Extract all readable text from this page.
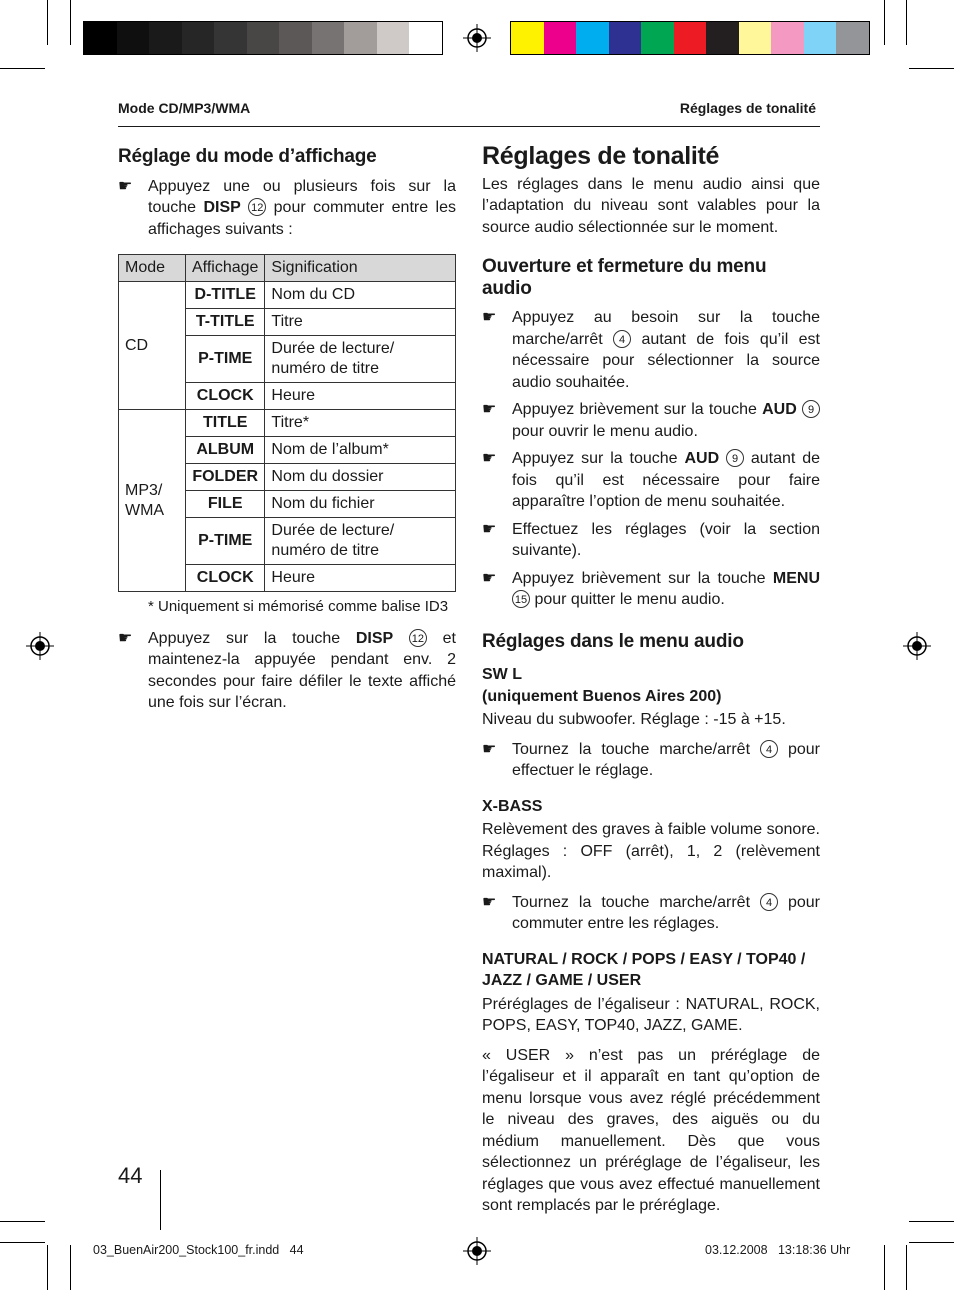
Mode CD/MP3/WMA	Réglages de tonalité
Réglage du mode d’affichage
☛ Appuyez une ou plusieurs fois sur la touche DISP 12 pour commuter entre les affichages suivants :
Mode	Affichage	Signification
CD	D-TITLE	Nom du CD
	T-TITLE	Titre
	P-TIME	Durée de lecture/ numéro de titre
	CLOCK	Heure
MP3/ WMA	TITLE	Titre*
	ALBUM	Nom de l’album*
	FOLDER	Nom du dossier
	FILE	Nom du fichier
	P-TIME	Durée de lecture/ numéro de titre
	CLOCK	Heure
* Uniquement si mémorisé comme balise ID3
☛ Appuyez sur la touche DISP 12 et maintenez-la appuyée pendant env. 2 secondes pour faire défiler le texte affiché une fois sur l’écran.
Réglages de tonalité

Les réglages dans le menu audio ainsi que l’adaptation du niveau sont valables pour la source audio sélectionnée sur le moment.

Ouverture et fermeture du menu audio
☛ Appuyez au besoin sur la touche marche/arrêt 4 autant de fois qu’il est nécessaire pour sélectionner la source audio souhaitée.
☛ Appuyez brièvement sur la touche AUD 9 pour ouvrir le menu audio.
☛ Appuyez sur la touche AUD 9 autant de fois qu’il est nécessaire pour faire apparaître l’option de menu souhaitée.
☛ Effectuez les réglages (voir la section suivante).
☛ Appuyez brièvement sur la touche MENU 15 pour quitter le menu audio.
Réglages dans le menu audio
SW L
(uniquement Buenos Aires 200)

Niveau du subwoofer. Réglage : -15 à +15.

☛ Tournez la touche marche/arrêt 4 pour effectuer le réglage.
X-BASS

Relèvement des graves à faible volume sonore. Réglages : OFF (arrêt), 1, 2 (relèvement maximal).

☛ Tournez la touche marche/arrêt 4 pour commuter entre les réglages.
NATURAL / ROCK / POPS / EASY / TOP40 / JAZZ / GAME / USER

Préréglages de l’égaliseur : NATURAL, ROCK, POPS, EASY, TOP40, JAZZ, GAME.

« USER » n’est pas un préréglage de l’égaliseur et il apparaît en tant qu’option de menu lorsque vous avez réglé précédemment le niveau des graves, des aiguës ou du médium manuellement. Dès que vous sélectionnez un préréglage de l’égaliseur, les réglages que vous avez effectué manuellement sont remplacés par le préréglage.

44
03_BuenAir200_Stock100_fr.indd   44	03.12.2008   13:18:36 Uhr
